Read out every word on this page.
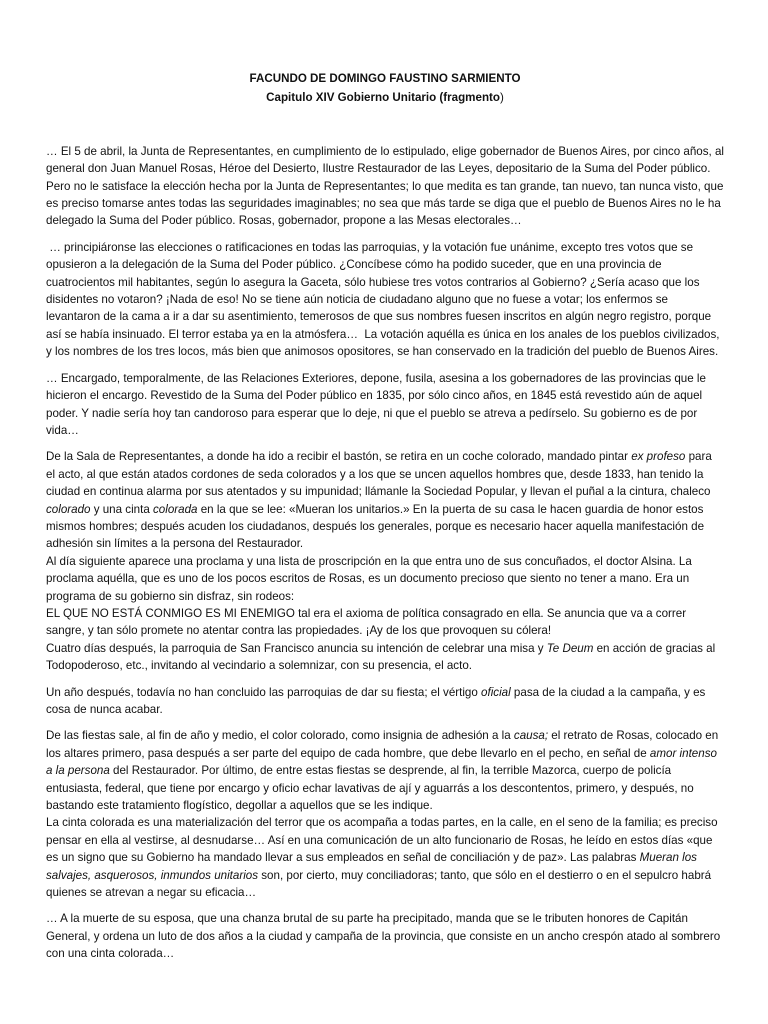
FACUNDO DE DOMINGO FAUSTINO SARMIENTO
Capitulo XIV Gobierno Unitario (fragmento)

… El 5 de abril, la Junta de Representantes, en cumplimiento de lo estipulado, elige gobernador de Buenos Aires, por cinco años, al general don Juan Manuel Rosas, Héroe del Desierto, Ilustre Restaurador de las Leyes, depositario de la Suma del Poder público. Pero no le satisface la elección hecha por la Junta de Representantes; lo que medita es tan grande, tan nuevo, tan nunca visto, que es preciso tomarse antes todas las seguridades imaginables; no sea que más tarde se diga que el pueblo de Buenos Aires no le ha delegado la Suma del Poder público. Rosas, gobernador, propone a las Mesas electorales…

… principiáronse las elecciones o ratificaciones en todas las parroquias, y la votación fue unánime, excepto tres votos que se opusieron a la delegación de la Suma del Poder público. ¿Concíbese cómo ha podido suceder, que en una provincia de cuatrocientos mil habitantes, según lo asegura la Gaceta, sólo hubiese tres votos contrarios al Gobierno? ¿Sería acaso que los disidentes no votaron? ¡Nada de eso! No se tiene aún noticia de ciudadano alguno que no fuese a votar; los enfermos se levantaron de la cama a ir a dar su asentimiento, temerosos de que sus nombres fuesen inscritos en algún negro registro, porque así se había insinuado. El terror estaba ya en la atmósfera…  La votación aquélla es única en los anales de los pueblos civilizados, y los nombres de los tres locos, más bien que animosos opositores, se han conservado en la tradición del pueblo de Buenos Aires.

… Encargado, temporalmente, de las Relaciones Exteriores, depone, fusila, asesina a los gobernadores de las provincias que le hicieron el encargo. Revestido de la Suma del Poder público en 1835, por sólo cinco años, en 1845 está revestido aún de aquel poder. Y nadie sería hoy tan candoroso para esperar que lo deje, ni que el pueblo se atreva a pedírselo. Su gobierno es de por vida…

De la Sala de Representantes, a donde ha ido a recibir el bastón, se retira en un coche colorado, mandado pintar ex profeso para el acto, al que están atados cordones de seda colorados y a los que se uncen aquellos hombres que, desde 1833, han tenido la ciudad en continua alarma por sus atentados y su impunidad; llámanle la Sociedad Popular, y llevan el puñal a la cintura, chaleco colorado y una cinta colorada en la que se lee: «Mueran los unitarios.» En la puerta de su casa le hacen guardia de honor estos mismos hombres; después acuden los ciudadanos, después los generales, porque es necesario hacer aquella manifestación de adhesión sin límites a la persona del Restaurador.

Al día siguiente aparece una proclama y una lista de proscripción en la que entra uno de sus concuñados, el doctor Alsina. La proclama aquélla, que es uno de los pocos escritos de Rosas, es un documento precioso que siento no tener a mano. Era un programa de su gobierno sin disfraz, sin rodeos:

EL QUE NO ESTÁ CONMIGO ES MI ENEMIGO tal era el axioma de política consagrado en ella. Se anuncia que va a correr sangre, y tan sólo promete no atentar contra las propiedades. ¡Ay de los que provoquen su cólera!

Cuatro días después, la parroquia de San Francisco anuncia su intención de celebrar una misa y Te Deum en acción de gracias al Todopoderoso, etc., invitando al vecindario a solemnizar, con su presencia, el acto.

Un año después, todavía no han concluido las parroquias de dar su fiesta; el vértigo oficial pasa de la ciudad a la campaña, y es cosa de nunca acabar.

De las fiestas sale, al fin de año y medio, el color colorado, como insignia de adhesión a la causa; el retrato de Rosas, colocado en los altares primero, pasa después a ser parte del equipo de cada hombre, que debe llevarlo en el pecho, en señal de amor intenso a la persona del Restaurador. Por último, de entre estas fiestas se desprende, al fin, la terrible Mazorca, cuerpo de policía entusiasta, federal, que tiene por encargo y oficio echar lavativas de ají y aguarrás a los descontentos, primero, y después, no bastando este tratamiento flogístico, degollar a aquellos que se les indique.

La cinta colorada es una materialización del terror que os acompaña a todas partes, en la calle, en el seno de la familia; es preciso pensar en ella al vestirse, al desnudarse… Así en una comunicación de un alto funcionario de Rosas, he leído en estos días «que es un signo que su Gobierno ha mandado llevar a sus empleados en señal de conciliación y de paz». Las palabras Mueran los salvajes, asquerosos, inmundos unitarios son, por cierto, muy conciliadoras; tanto, que sólo en el destierro o en el sepulcro habrá quienes se atrevan a negar su eficacia…

… A la muerte de su esposa, que una chanza brutal de su parte ha precipitado, manda que se le tributen honores de Capitán General, y ordena un luto de dos años a la ciudad y campaña de la provincia, que consiste en un ancho crespón atado al sombrero con una cinta colorada…
